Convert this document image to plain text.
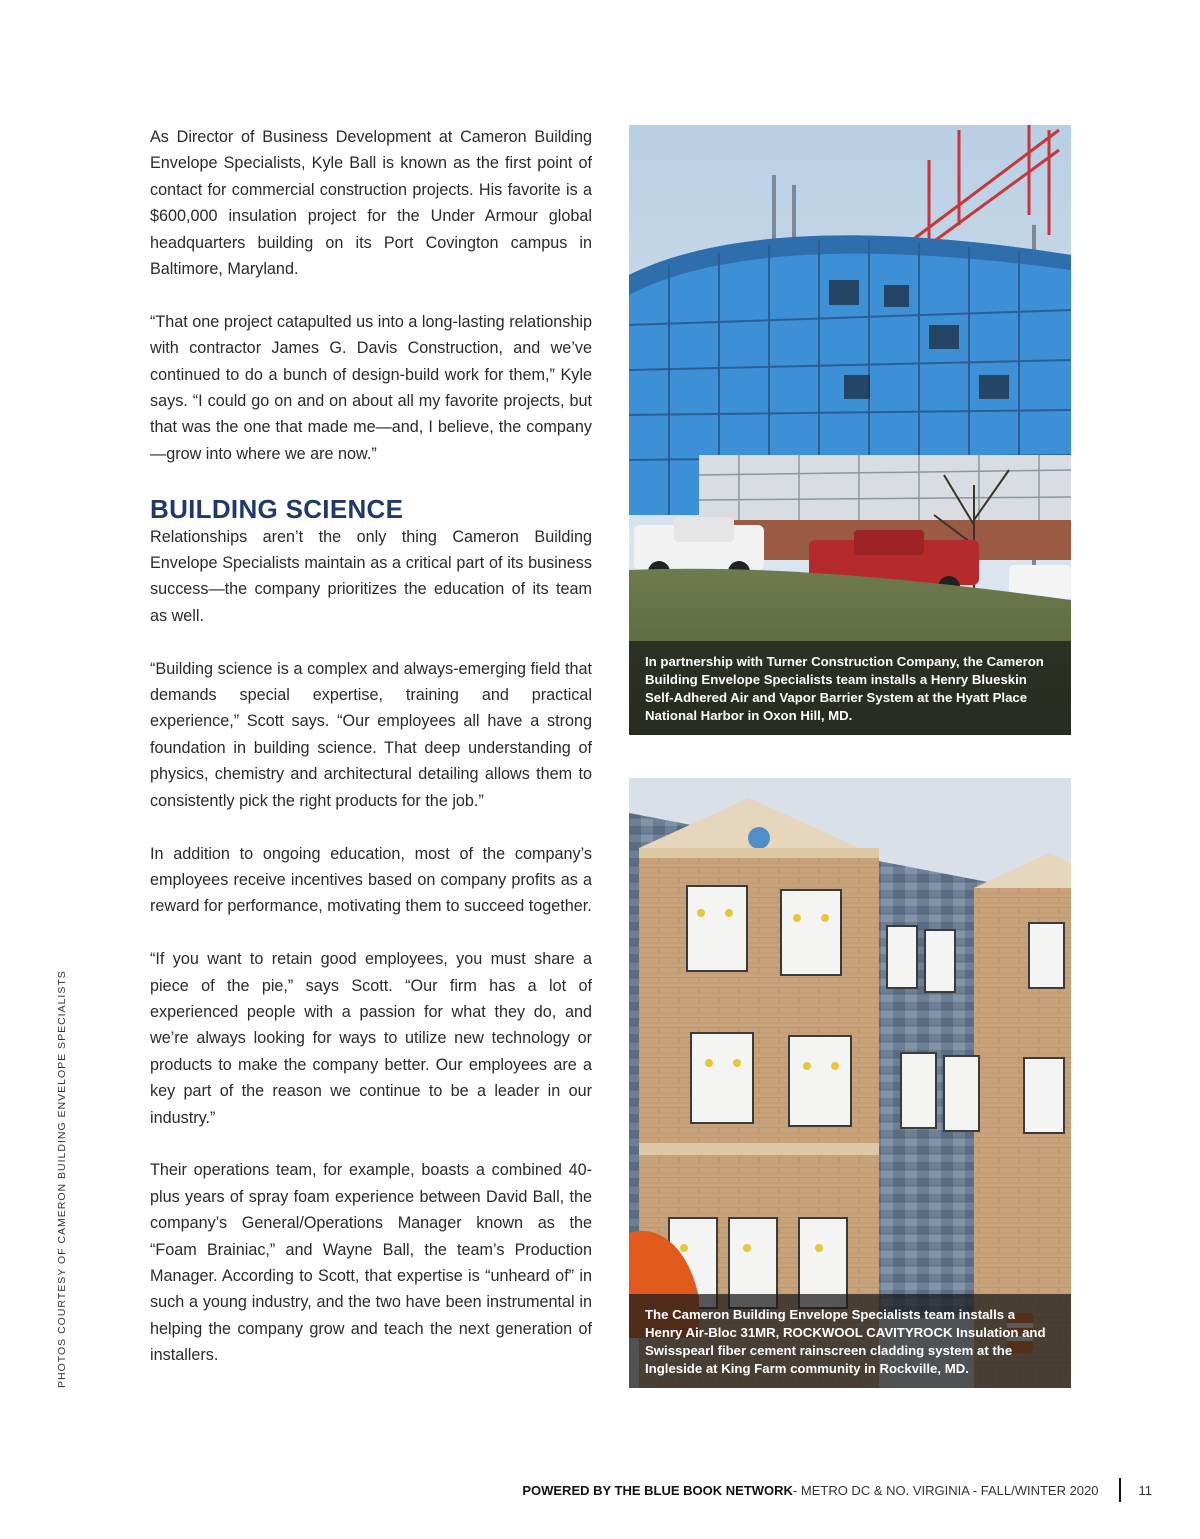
PHOTOS COURTESY OF CAMERON BUILDING ENVELOPE SPECIALISTS

As Director of Business Development at Cameron Building Envelope Specialists, Kyle Ball is known as the first point of contact for commercial construction projects. His favorite is a $600,000 insulation project for the Under Armour global headquarters building on its Port Covington campus in Baltimore, Maryland.

“That one project catapulted us into a long-lasting relationship with contractor James G. Davis Construction, and we’ve continued to do a bunch of design-build work for them,” Kyle says. “I could go on and on about all my favorite projects, but that was the one that made me—and, I believe, the company—grow into where we are now.”

BUILDING SCIENCE

Relationships aren’t the only thing Cameron Building Envelope Specialists maintain as a critical part of its business success—the company prioritizes the education of its team as well.

“Building science is a complex and always-emerging field that demands special expertise, training and practical experience,” Scott says. “Our employees all have a strong foundation in building science. That deep understanding of physics, chemistry and architectural detailing allows them to consistently pick the right products for the job.”

In addition to ongoing education, most of the company’s employees receive incentives based on company profits as a reward for performance, motivating them to succeed together.

“If you want to retain good employees, you must share a piece of the pie,” says Scott. “Our firm has a lot of experienced people with a passion for what they do, and we’re always looking for ways to utilize new technology or products to make the company better. Our employees are a key part of the reason we continue to be a leader in our industry.”

Their operations team, for example, boasts a combined 40-plus years of spray foam experience between David Ball, the company’s General/Operations Manager known as the “Foam Brainiac,” and Wayne Ball, the team’s Production Manager. According to Scott, that expertise is “unheard of” in such a young industry, and the two have been instrumental in helping the company grow and teach the next generation of installers.

In partnership with Turner Construction Company, the Cameron Building Envelope Specialists team installs a Henry Blueskin Self-Adhered Air and Vapor Barrier System at the Hyatt Place National Harbor in Oxon Hill, MD.
The Cameron Building Envelope Specialists team installs a Henry Air-Bloc 31MR, ROCKWOOL CAVITYROCK Insulation and Swisspearl fiber cement rainscreen cladding system at the Ingleside at King Farm community in Rockville, MD.
POWERED BY THE BLUE BOOK NETWORK - METRO DC & NO. VIRGINIA - FALL/WINTER 2020	11
